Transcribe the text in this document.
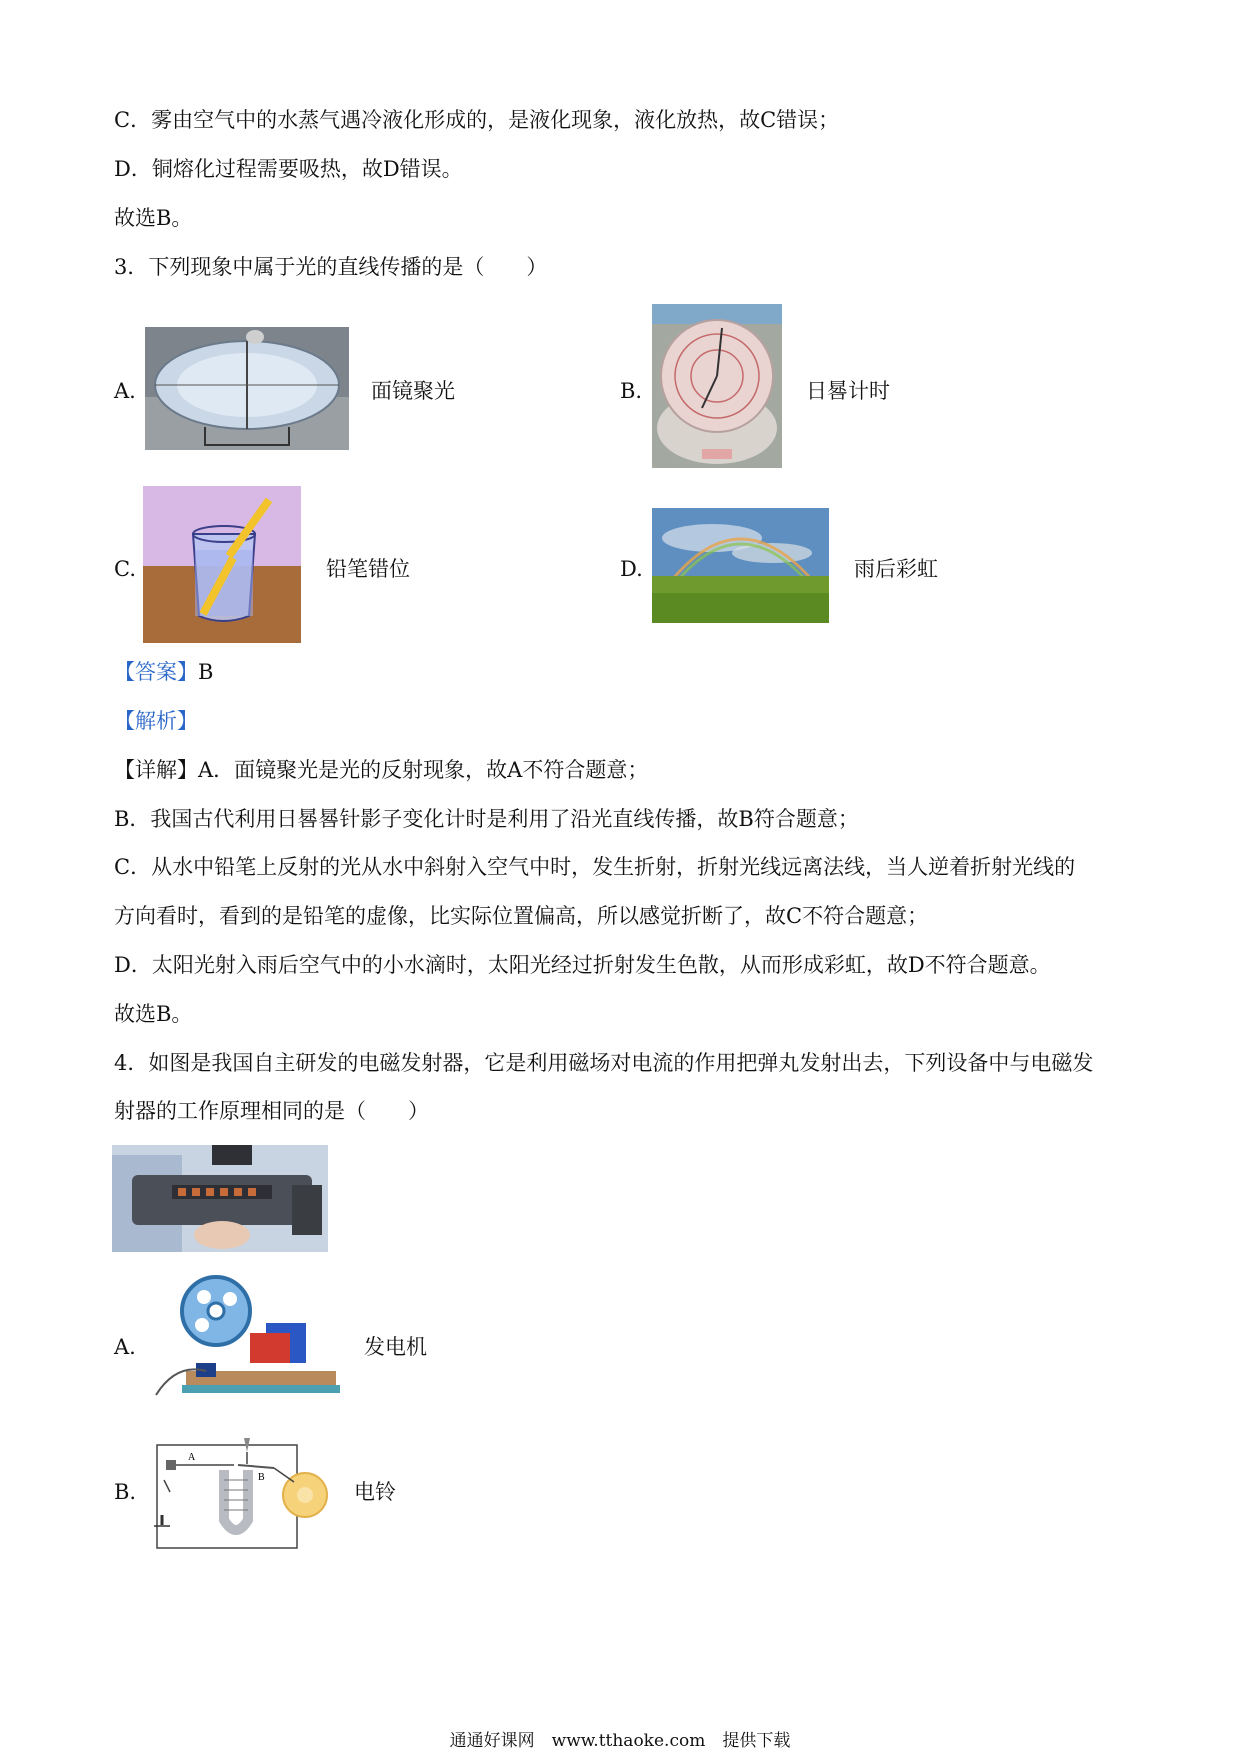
C．雾由空气中的水蒸气遇冷液化形成的，是液化现象，液化放热，故C错误；
D．铜熔化过程需要吸热，故D错误。
故选B。
3．下列现象中属于光的直线传播的是（　　）
A.	面镜聚光	B.	日晷计时
C.	铅笔错位	D.	雨后彩虹
【答案】B
【解析】
【详解】A．面镜聚光是光的反射现象，故A不符合题意；
B．我国古代利用日晷晷针影子变化计时是利用了沿光直线传播，故B符合题意；
C．从水中铅笔上反射的光从水中斜射入空气中时，发生折射，折射光线远离法线，当人逆着折射光线的
方向看时，看到的是铅笔的虚像，比实际位置偏高，所以感觉折断了，故C不符合题意；
D．太阳光射入雨后空气中的小水滴时，太阳光经过折射发生色散，从而形成彩虹，故D不符合题意。
故选B。
4．如图是我国自主研发的电磁发射器，它是利用磁场对电流的作用把弹丸发射出去，下列设备中与电磁发
射器的工作原理相同的是（　　）
A.	发电机
B.
A
B
电铃
通通好课网　www.tthaoke.com　提供下载
